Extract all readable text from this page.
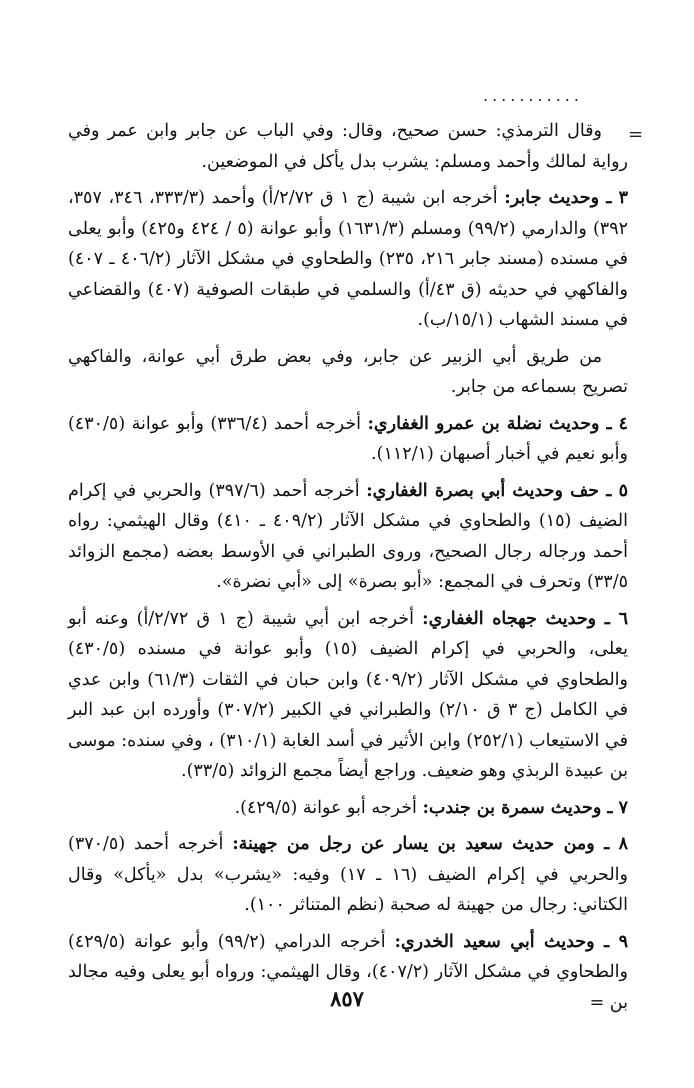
...........
=

وقال الترمذي: حسن صحيح، وقال: وفي الباب عن جابر وابن عمر وفي رواية لمالك وأحمد ومسلم: يشرب بدل يأكل في الموضعين.

٣ ـ وحديث جابر: أخرجه ابن شيبة (ج ١ ق ٢/٧٢/أ) وأحمد (٣٣٣/٣، ٣٤٦، ٣٥٧، ٣٩٢) والدارمي (٩٩/٢) ومسلم (١٦٣١/٣) وأبو عوانة (٥ / ٤٢٤ و٤٢٥) وأبو يعلى في مسنده (مسند جابر ٢١٦، ٢٣٥) والطحاوي في مشكل الآثار (٤٠٦/٢ ـ ٤٠٧) والفاكهي في حديثه (ق ٤٣/أ) والسلمي في طبقات الصوفية (٤٠٧) والقضاعي في مسند الشهاب (١٥/١/ب).

من طريق أبي الزبير عن جابر، وفي بعض طرق أبي عوانة، والفاكهي تصريح بسماعه من جابر.

٤ ـ وحديث نضلة بن عمرو الغفاري: أخرجه أحمد (٣٣٦/٤) وأبو عوانة (٤٣٠/٥) وأبو نعيم في أخبار أصبهان (١١٢/١).

٥ ـ حف وحديث أبي بصرة الغفاري: أخرجه أحمد (٣٩٧/٦) والحربي في إكرام الضيف (١٥) والطحاوي في مشكل الآثار (٤٠٩/٢ ـ ٤١٠) وقال الهيثمي: رواه أحمد ورجاله رجال الصحيح، وروى الطبراني في الأوسط بعضه (مجمع الزوائد ٣٣/٥) وتحرف في المجمع: «أبو بصرة» إلى «أبي نضرة».

٦ ـ وحديث جهجاه الغفاري: أخرجه ابن أبي شيبة (ج ١ ق ٢/٧٢/أ) وعنه أبو يعلى، والحربي في إكرام الضيف (١٥) وأبو عوانة في مسنده (٤٣٠/٥) والطحاوي في مشكل الآثار (٤٠٩/٢) وابن حبان في الثقات (٦١/٣) وابن عدي في الكامل (ج ٣ ق ٢/١٠) والطبراني في الكبير (٣٠٧/٢) وأورده ابن عبد البر في الاستيعاب (٢٥٢/١) وابن الأثير في أسد الغابة (٣١٠/١) ، وفي سنده: موسى بن عبيدة الربذي وهو ضعيف. وراجع أيضاً مجمع الزوائد (٣٣/٥).

٧ ـ وحديث سمرة بن جندب: أخرجه أبو عوانة (٤٢٩/٥).

٨ ـ ومن حديث سعيد بن يسار عن رجل من جهينة: أخرجه أحمد (٣٧٠/٥) والحربي في إكرام الضيف (١٦ ـ ١٧) وفيه: «يشرب» بدل «يأكل» وقال الكتاني: رجال من جهينة له صحبة (نظم المتناثر ١٠٠).

٩ ـ وحديث أبي سعيد الخدري: أخرجه الدرامي (٩٩/٢) وأبو عوانة (٤٢٩/٥) والطحاوي في مشكل الآثار (٤٠٧/٢)، وقال الهيثمي: ورواه أبو يعلى وفيه مجالد بن =

٨٥٧
